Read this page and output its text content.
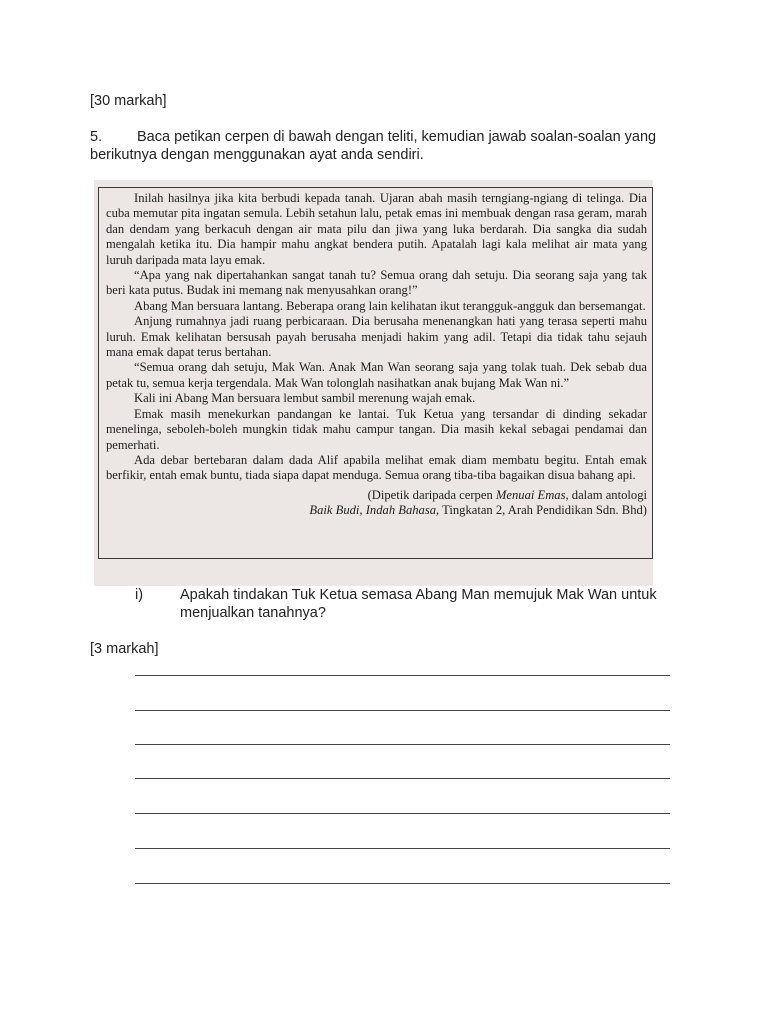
[30 markah]
5. Baca petikan cerpen di bawah dengan teliti, kemudian jawab soalan-soalan yang berikutnya dengan menggunakan ayat anda sendiri.

Inilah hasilnya jika kita berbudi kepada tanah. Ujaran abah masih terngiang-ngiang di telinga. Dia cuba memutar pita ingatan semula. Lebih setahun lalu, petak emas ini membuak dengan rasa geram, marah dan dendam yang berkacuh dengan air mata pilu dan jiwa yang luka berdarah. Dia sangka dia sudah mengalah ketika itu. Dia hampir mahu angkat bendera putih. Apatalah lagi kala melihat air mata yang luruh daripada mata layu emak.

“Apa yang nak dipertahankan sangat tanah tu? Semua orang dah setuju. Dia seorang saja yang tak beri kata putus. Budak ini memang nak menyusahkan orang!”

Abang Man bersuara lantang. Beberapa orang lain kelihatan ikut terangguk-angguk dan bersemangat.

Anjung rumahnya jadi ruang perbicaraan. Dia berusaha menenangkan hati yang terasa seperti mahu luruh. Emak kelihatan bersusah payah berusaha menjadi hakim yang adil. Tetapi dia tidak tahu sejauh mana emak dapat terus bertahan.

“Semua orang dah setuju, Mak Wan. Anak Man Wan seorang saja yang tolak tuah. Dek sebab dua petak tu, semua kerja tergendala. Mak Wan tolonglah nasihatkan anak bujang Mak Wan ni.”

Kali ini Abang Man bersuara lembut sambil merenung wajah emak.

Emak masih menekurkan pandangan ke lantai. Tuk Ketua yang tersandar di dinding sekadar menelinga, seboleh-boleh mungkin tidak mahu campur tangan. Dia masih kekal sebagai pendamai dan pemerhati.

Ada debar bertebaran dalam dada Alif apabila melihat emak diam membatu begitu. Entah emak berfikir, entah emak buntu, tiada siapa dapat menduga. Semua orang tiba-tiba bagaikan disua bahang api.

(Dipetik daripada cerpen Menuai Emas, dalam antologi
Baik Budi, Indah Bahasa, Tingkatan 2, Arah Pendidikan Sdn. Bhd)
i)	Apakah tindakan Tuk Ketua semasa Abang Man memujuk Mak Wan untuk menjualkan tanahnya?
[3 markah]
